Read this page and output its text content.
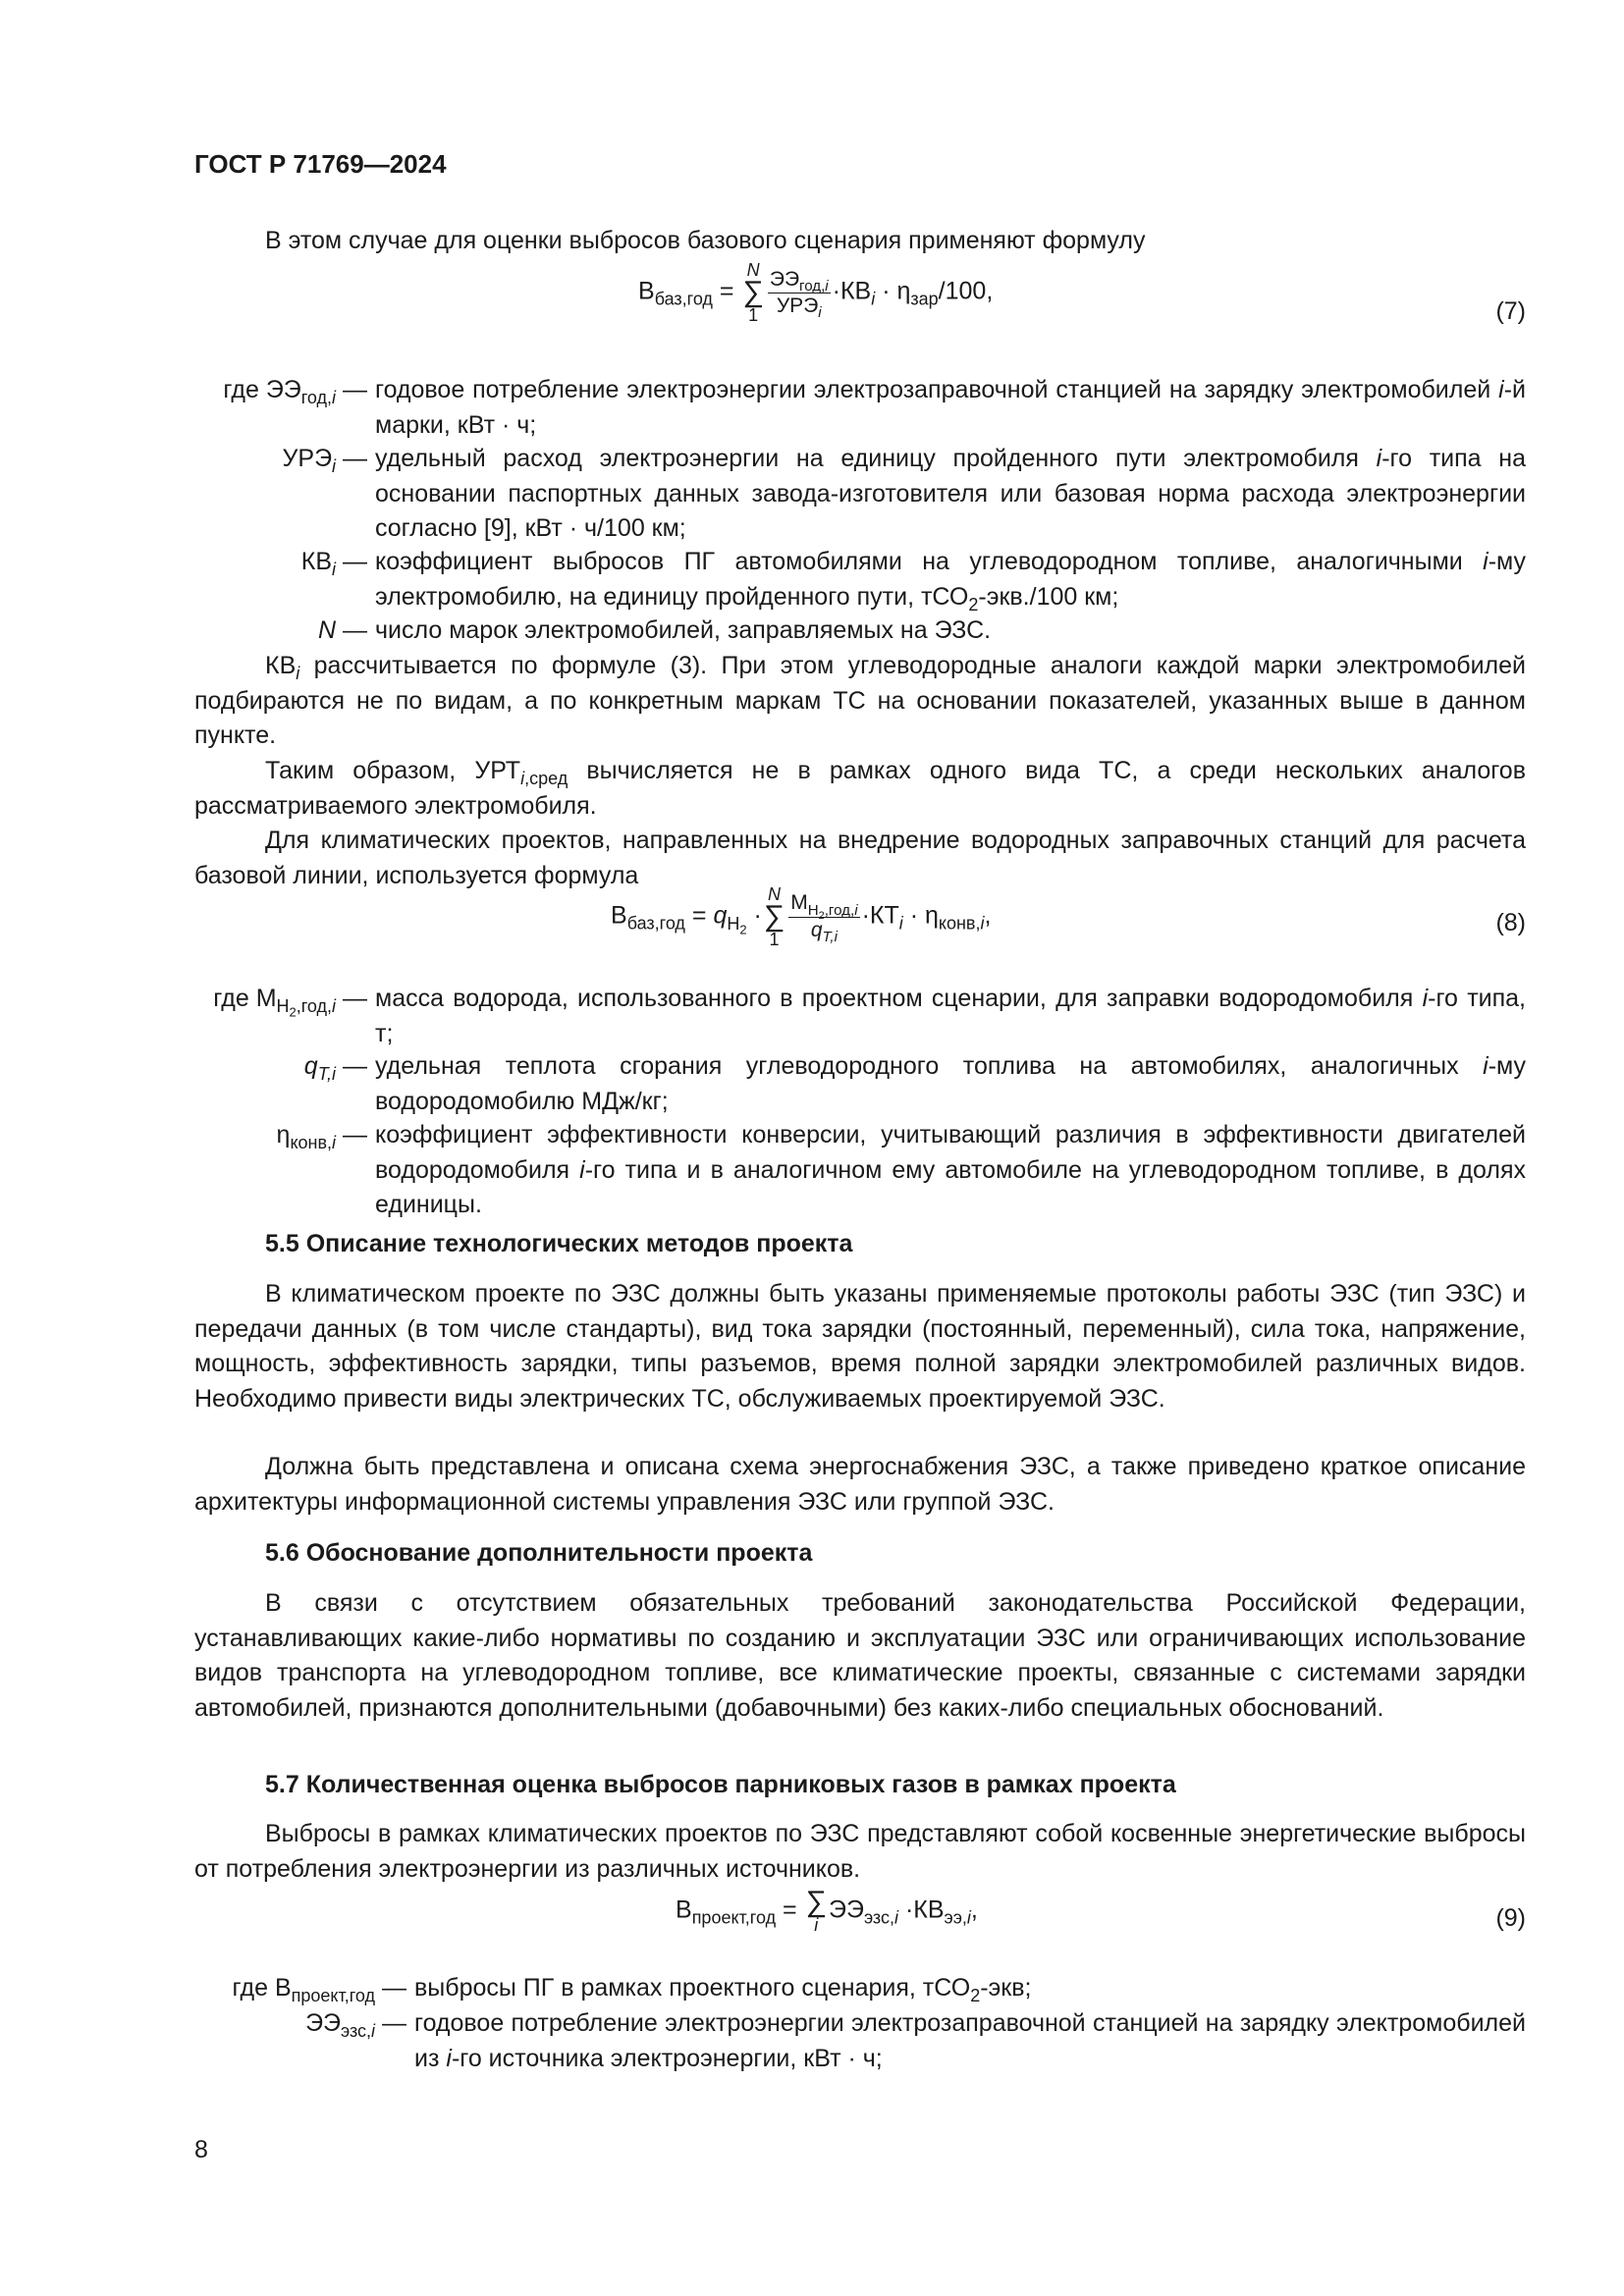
ГОСТ Р 71769—2024
В этом случае для оценки выбросов базового сценария применяют формулу
$В_{баз,год}$ =
N
∑
$1 \frac{ЭЭ_{год,i}}{УРЭ_i} \cdot КВ_i \cdot \eta_{зар}/100$,
(7)
где $ЭЭ_{год,i}$ — годовое потребление электроэнергии электрозаправочной станцией на зарядку электромобилей i-й марки, кВт · ч;
$УРЭ_i$ — удельный расход электроэнергии на единицу пройденного пути электромобиля i-го типа на основании паспортных данных завода-изготовителя или базовая норма расхода электроэнергии согласно [9], кВт · ч/100 км;
$КВ_i$ — коэффициент выбросов ПГ автомобилями на углеводородном топливе, аналогичными i-му электромобилю, на единицу пройденного пути, тСО$_2$-экв./100 км;
N — число марок электромобилей, заправляемых на ЭЗС.
$КВ_i$ рассчитывается по формуле (3). При этом углеводородные аналоги каждой марки электромобилей подбираются не по видам, а по конкретным маркам ТС на основании показателей, указанных выше в данном пункте.
Таким образом, $УРТ_{i,сред}$ вычисляется не в рамках одного вида ТС, а среди нескольких аналогов рассматриваемого электромобиля.
Для климатических проектов, направленных на внедрение водородных заправочных станций для расчета базовой линии, используется формула
$В_{баз,год} = q_{H_2}$ ·
N
∑
$1 \frac{М_{H_2,год,i}}{q_{T,i}} \cdot КТ_i \cdot \eta_{конв,i}$,	(8)
где $М_{H_2,год,i}$ — масса водорода, использованного в проектном сценарии, для заправки водородомобиля i-го типа, т;
$q_{T,i}$ — удельная теплота сгорания углеводородного топлива на автомобилях, аналогичных i-му водородомобилю МДж/кг;
$\eta_{конв,i}$ — коэффициент эффективности конверсии, учитывающий различия в эффективности двигателей водородомобиля i-го типа и в аналогичном ему автомобиле на углеводородном топливе, в долях единицы.
5.5 Описание технологических методов проекта
В климатическом проекте по ЭЗС должны быть указаны применяемые протоколы работы ЭЗС (тип ЭЗС) и передачи данных (в том числе стандарты), вид тока зарядки (постоянный, переменный), сила тока, напряжение, мощность, эффективность зарядки, типы разъемов, время полной зарядки электромобилей различных видов. Необходимо привести виды электрических ТС, обслуживаемых проектируемой ЭЗС.
Должна быть представлена и описана схема энергоснабжения ЭЗС, а также приведено краткое описание архитектуры информационной системы управления ЭЗС или группой ЭЗС.
5.6 Обоснование дополнительности проекта
В связи с отсутствием обязательных требований законодательства Российской Федерации, устанавливающих какие-либо нормативы по созданию и эксплуатации ЭЗС или ограничивающих использование видов транспорта на углеводородном топливе, все климатические проекты, связанные с системами зарядки автомобилей, признаются дополнительными (добавочными) без каких-либо специальных обоснований.
5.7 Количественная оценка выбросов парниковых газов в рамках проекта
Выбросы в рамках климатических проектов по ЭЗС представляют собой косвенные энергетические выбросы от потребления электроэнергии из различных источников.
$В_{проект,год}$ = ∑
i
$ЭЭ_{эзс,i} \cdot КВ_{ээ,i}$,	(9)
где $В_{проект,год}$ — выбросы ПГ в рамках проектного сценария, тСО$_2$-экв;
$ЭЭ_{эзс,i}$ — годовое потребление электроэнергии электрозаправочной станцией на зарядку электромобилей из i-го источника электроэнергии, кВт · ч;
8
